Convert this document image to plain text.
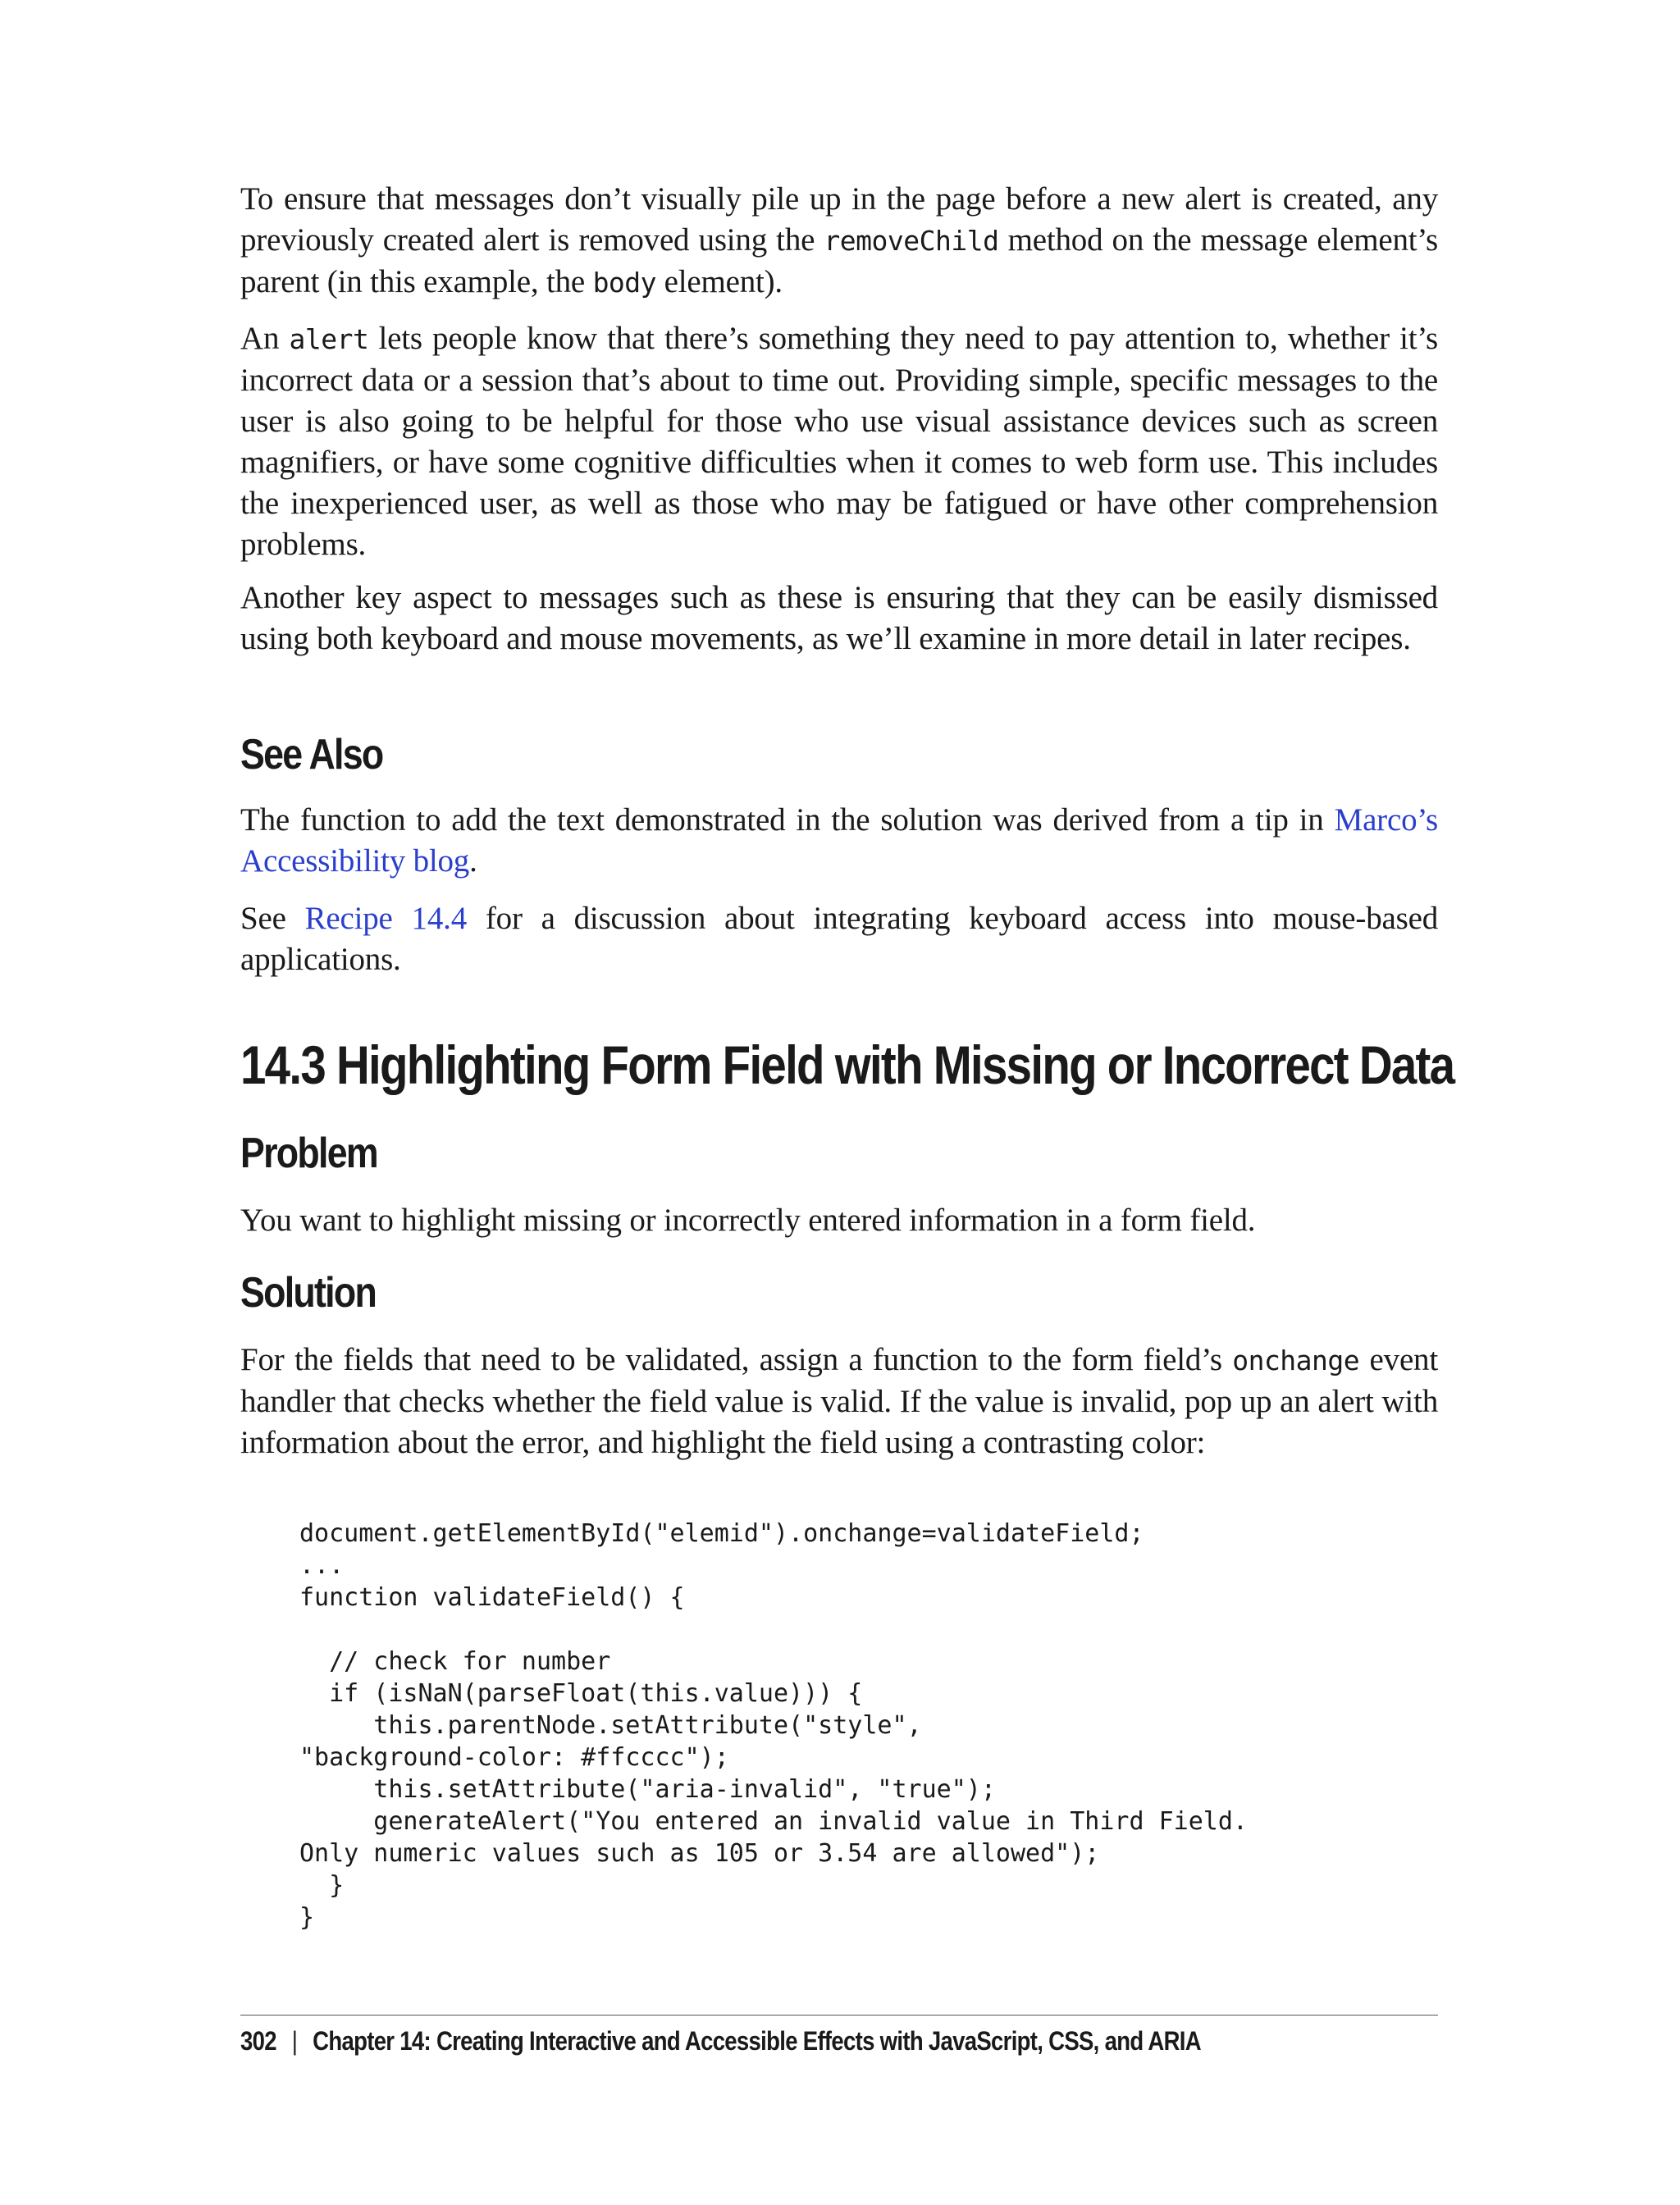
To ensure that messages don’t visually pile up in the page before a new alert is created, any previously created alert is removed using the removeChild method on the message element’s parent (in this example, the body element).

An alert lets people know that there’s something they need to pay attention to, whether it’s incorrect data or a session that’s about to time out. Providing simple, specific messages to the user is also going to be helpful for those who use visual assistance devices such as screen magnifiers, or have some cognitive difficulties when it comes to web form use. This includes the inexperienced user, as well as those who may be fatigued or have other comprehension problems.

Another key aspect to messages such as these is ensuring that they can be easily dismissed using both keyboard and mouse movements, as we’ll examine in more detail in later recipes.

See Also

The function to add the text demonstrated in the solution was derived from a tip in Marco’s Accessibility blog.

See Recipe 14.4 for a discussion about integrating keyboard access into mouse-based applications.

14.3 Highlighting Form Field with Missing or Incorrect Data
Problem

You want to highlight missing or incorrectly entered information in a form field.

Solution

For the fields that need to be validated, assign a function to the form field’s onchange event handler that checks whether the field value is valid. If the value is invalid, pop up an alert with information about the error, and highlight the field using a contrasting color:

document.getElementById("elemid").onchange=validateField;
...
function validateField() {

// check for number
if (isNaN(parseFloat(this.value))) {
this.parentNode.setAttribute("style",
"background-color: #ffcccc");
this.setAttribute("aria-invalid", "true");
generateAlert("You entered an invalid value in Third Field.
Only numeric values such as 105 or 3.54 are allowed");
}
}
302 | Chapter 14: Creating Interactive and Accessible Effects with JavaScript, CSS, and ARIA
